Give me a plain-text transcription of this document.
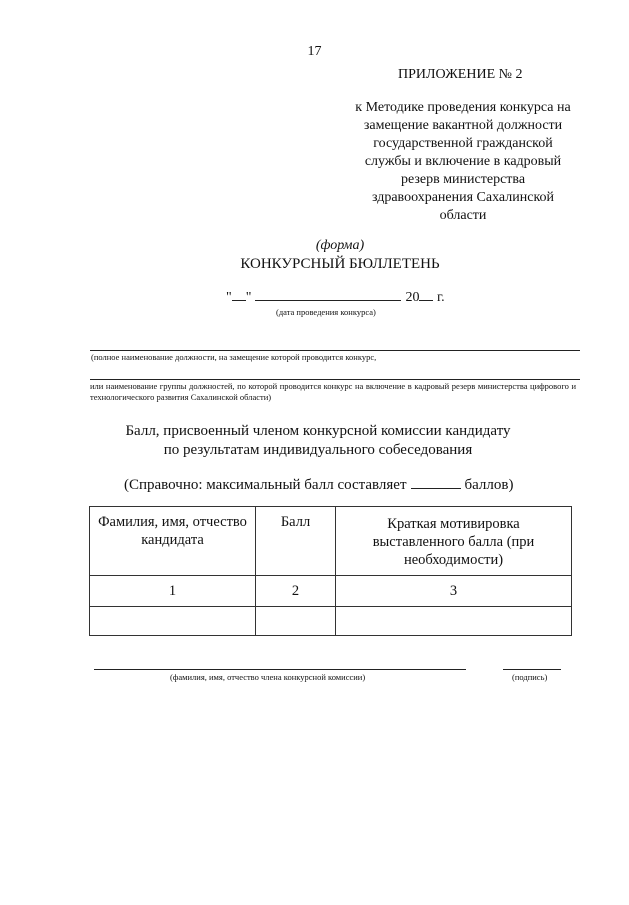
17
ПРИЛОЖЕНИЕ № 2
к Методике проведения конкурса на
замещение вакантной должности
государственной гражданской
службы и включение в кадровый
резерв министерства
здравоохранения Сахалинской
области
(форма)
КОНКУРСНЫЙ БЮЛЛЕТЕНЬ
" "	20 г.
(дата проведения конкурса)
(полное наименование должности, на замещение которой проводится конкурс,
или наименование группы должностей, по которой проводится конкурс на включение в кадровый резерв министерства цифрового и технологического развития Сахалинской области)
Балл, присвоенный членом конкурсной комиссии кандидату
по результатам индивидуального собеседования
(Справочно: максимальный балл составляет	баллов)
Фамилия, имя, отчество кандидата	Балл	Краткая мотивировка выставленного балла (при необходимости)
1	2	3

(фамилия, имя, отчество члена конкурсной комиссии)	(подпись)
